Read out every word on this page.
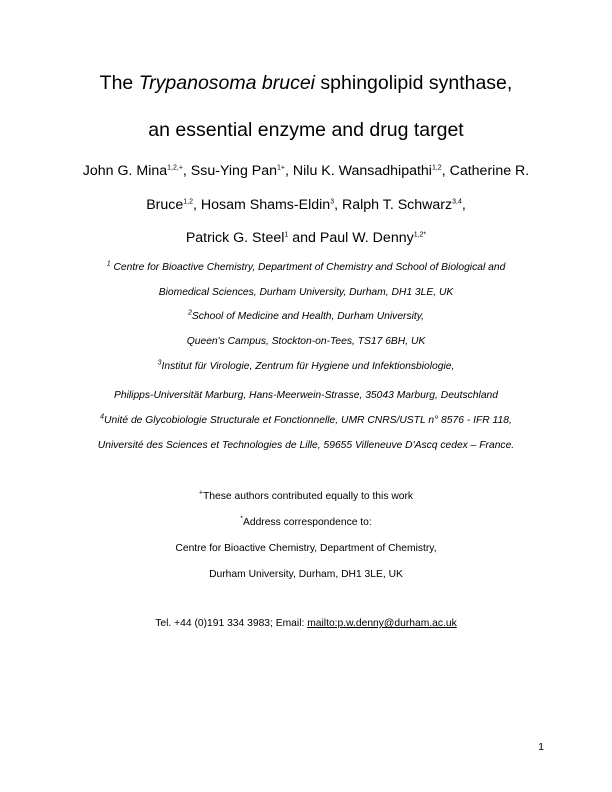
The Trypanosoma brucei sphingolipid synthase,
an essential enzyme and drug target
John G. Mina$^{1,2,+}$, Ssu-Ying Pan$^{1+}$, Nilu K. Wansadhipathi$^{1,2}$, Catherine R.
Bruce$^{1,2}$, Hosam Shams-Eldin$^3$, Ralph T. Schwarz$^{3,4}$,
Patrick G. Steel$^1$ and Paul W. Denny$^{1,2*}$
$^1$ Centre for Bioactive Chemistry, Department of Chemistry and School of Biological and
Biomedical Sciences, Durham University, Durham, DH1 3LE, UK
$^2$School of Medicine and Health, Durham University,
Queen's Campus, Stockton-on-Tees, TS17 6BH, UK
$^3$Institut für Virologie, Zentrum für Hygiene und Infektionsbiologie,
Philipps-Universität Marburg, Hans-Meerwein-Strasse, 35043 Marburg, Deutschland
$^4$Unité de Glycobiologie Structurale et Fonctionnelle, UMR CNRS/USTL n° 8576 - IFR 118,
Université des Sciences et Technologies de Lille, 59655 Villeneuve D'Ascq cedex – France.
+These authors contributed equally to this work
*Address correspondence to:
Centre for Bioactive Chemistry, Department of Chemistry,
Durham University, Durham, DH1 3LE, UK
Tel. +44 (0)191 334 3983; Email: mailto:p.w.denny@durham.ac.uk
1
